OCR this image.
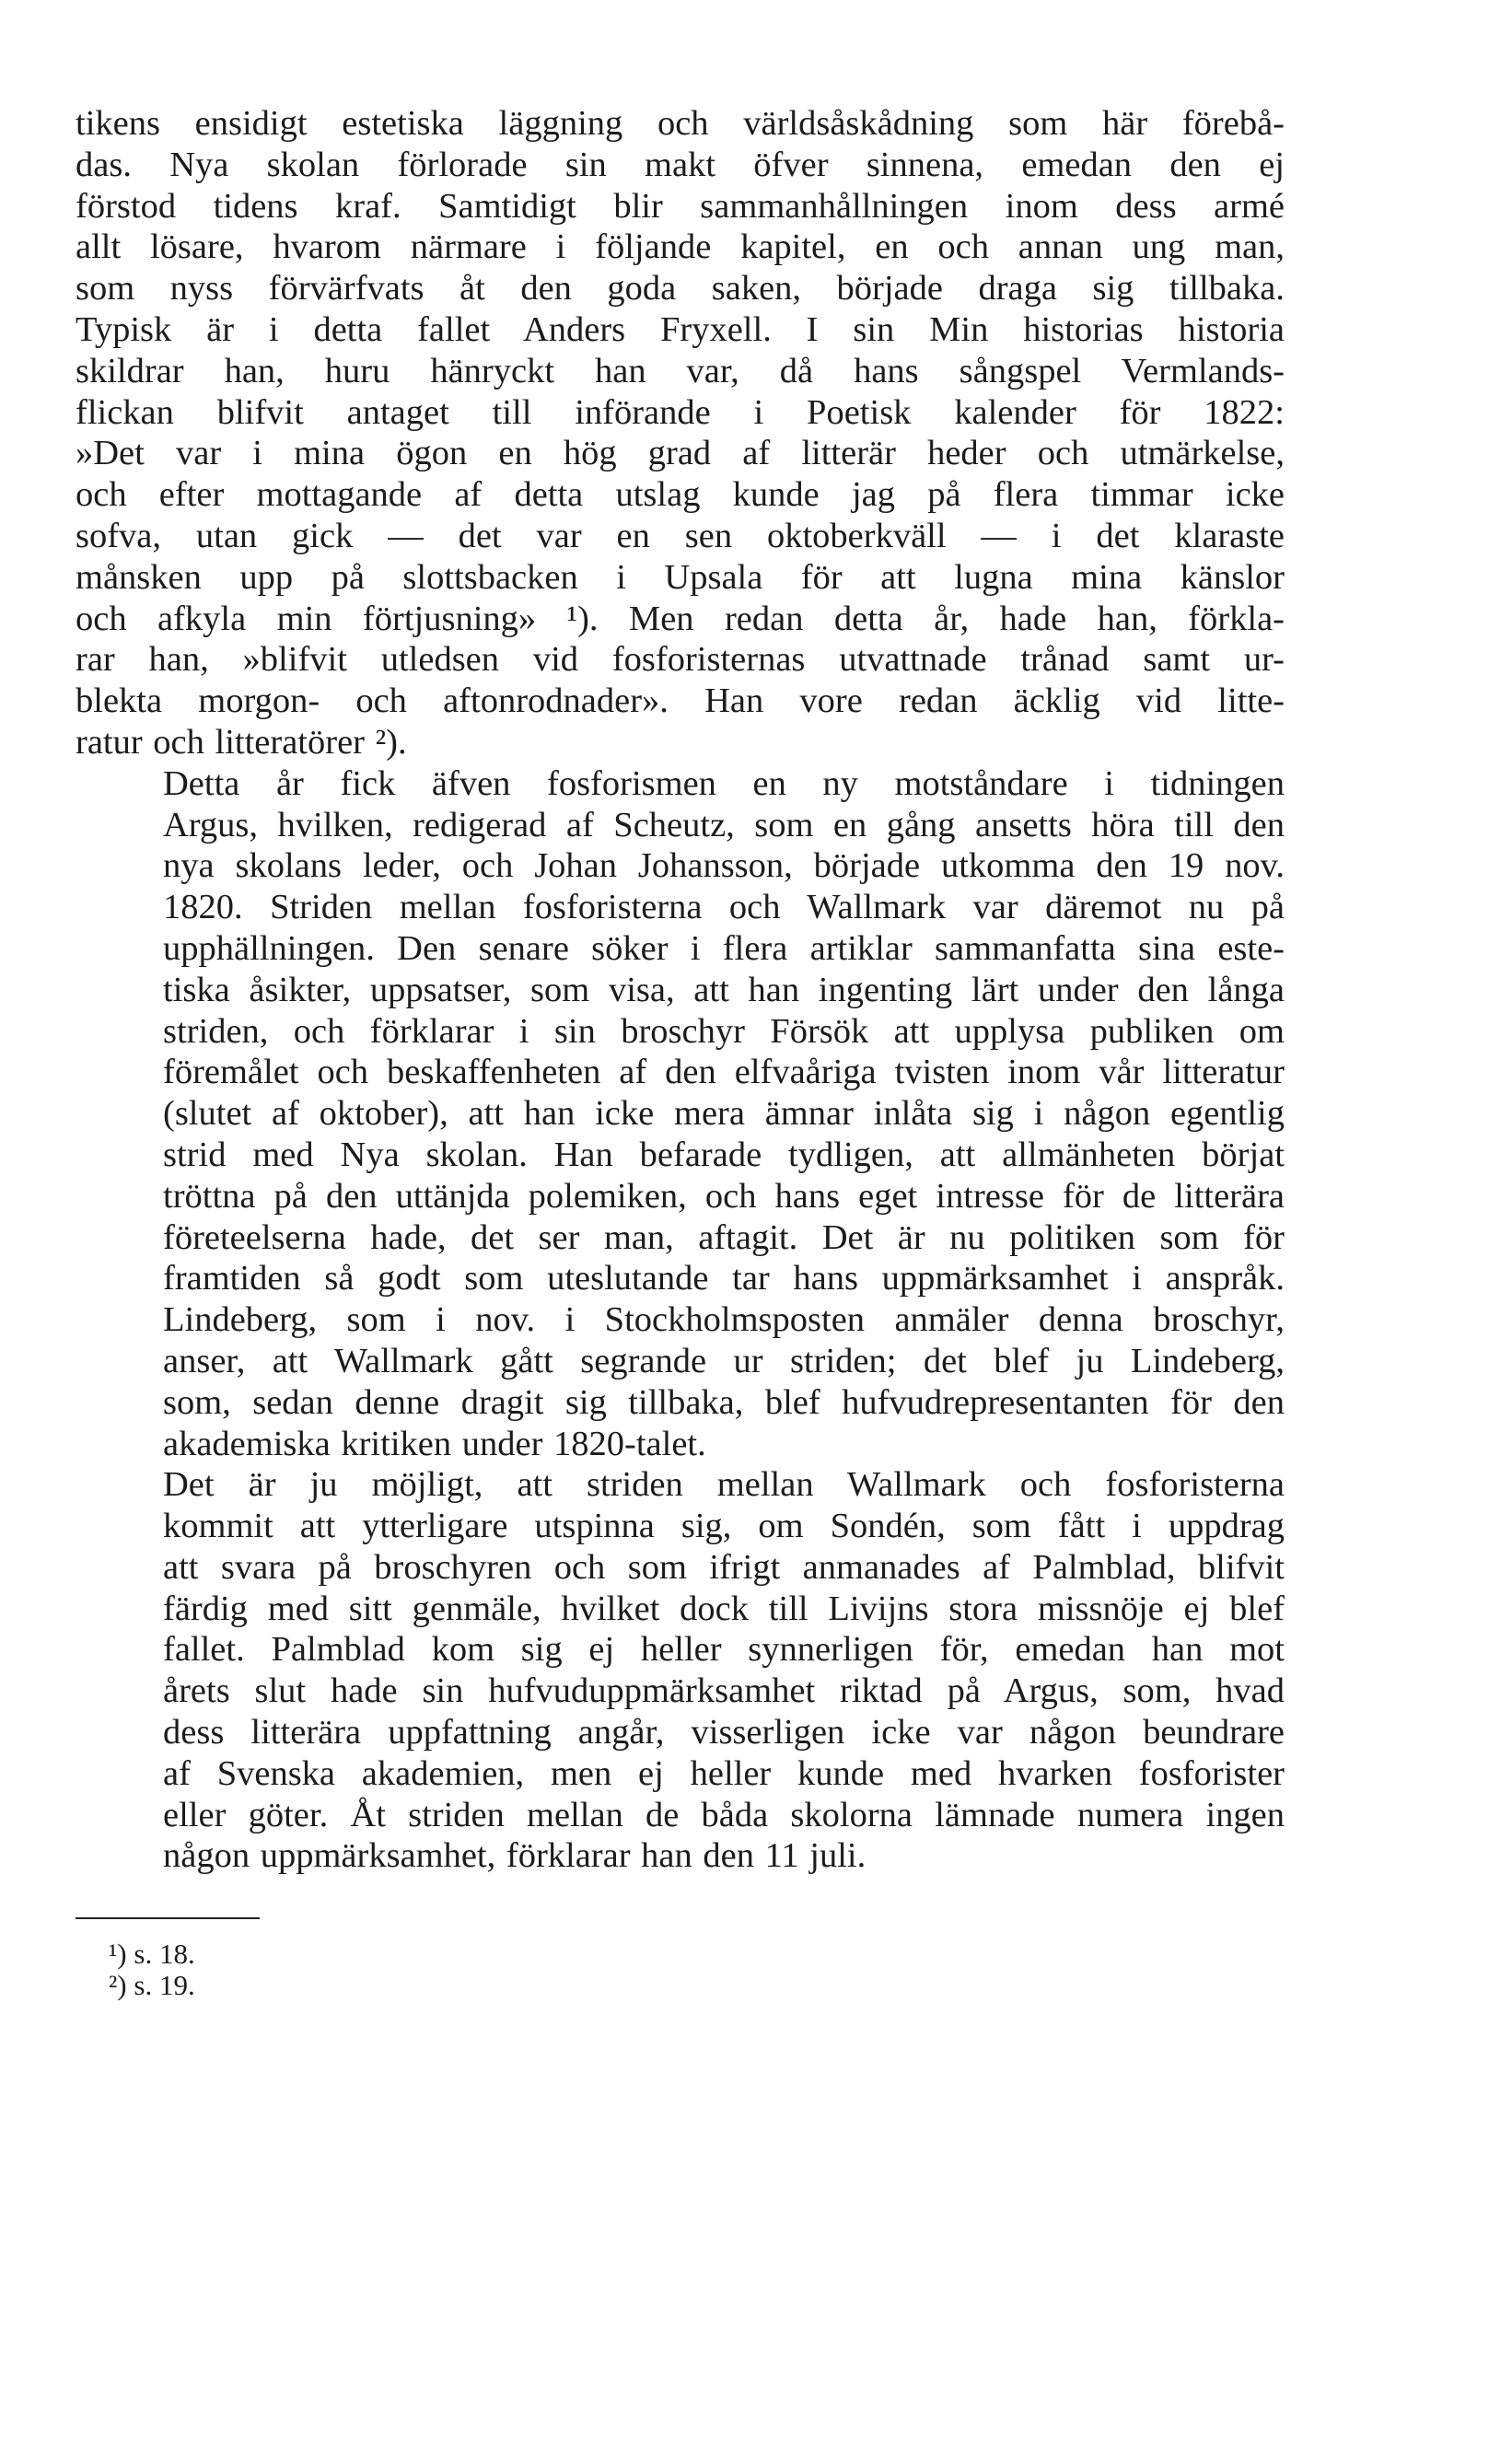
tikens ensidigt estetiska läggning och världsåskådning som här förebå-
das. Nya skolan förlorade sin makt öfver sinnena, emedan den ej
förstod tidens kraf. Samtidigt blir sammanhållningen inom dess armé
allt lösare, hvarom närmare i följande kapitel, en och annan ung man,
som nyss förvärfvats åt den goda saken, började draga sig tillbaka.
Typisk är i detta fallet Anders Fryxell. I sin Min historias historia
skildrar han, huru hänryckt han var, då hans sångspel Vermlands-
flickan blifvit antaget till införande i Poetisk kalender för 1822:
»Det var i mina ögon en hög grad af litterär heder och utmärkelse,
och efter mottagande af detta utslag kunde jag på flera timmar icke
sofva, utan gick — det var en sen oktoberkväll — i det klaraste
månsken upp på slottsbacken i Upsala för att lugna mina känslor
och afkyla min förtjusning» ¹). Men redan detta år, hade han, förkla-
rar han, »blifvit utledsen vid fosforisternas utvattnade trånad samt ur-
blekta morgon- och aftonrodnader». Han vore redan äcklig vid litte-
ratur och litteratörer ²).

Detta år fick äfven fosforismen en ny motståndare i tidningen
Argus, hvilken, redigerad af Scheutz, som en gång ansetts höra till den
nya skolans leder, och Johan Johansson, började utkomma den 19 nov.
1820. Striden mellan fosforisterna och Wallmark var däremot nu på
upphällningen. Den senare söker i flera artiklar sammanfatta sina este-
tiska åsikter, uppsatser, som visa, att han ingenting lärt under den långa
striden, och förklarar i sin broschyr Försök att upplysa publiken om
föremålet och beskaffenheten af den elfvaåriga tvisten inom vår litteratur
(slutet af oktober), att han icke mera ämnar inlåta sig i någon egentlig
strid med Nya skolan. Han befarade tydligen, att allmänheten börjat
tröttna på den uttänjda polemiken, och hans eget intresse för de litterära
företeelserna hade, det ser man, aftagit. Det är nu politiken som för
framtiden så godt som uteslutande tar hans uppmärksamhet i anspråk.
Lindeberg, som i nov. i Stockholmsposten anmäler denna broschyr,
anser, att Wallmark gått segrande ur striden; det blef ju Lindeberg,
som, sedan denne dragit sig tillbaka, blef hufvudrepresentanten för den
akademiska kritiken under 1820-talet.

Det är ju möjligt, att striden mellan Wallmark och fosforisterna
kommit att ytterligare utspinna sig, om Sondén, som fått i uppdrag
att svara på broschyren och som ifrigt anmanades af Palmblad, blifvit
färdig med sitt genmäle, hvilket dock till Livijns stora missnöje ej blef
fallet. Palmblad kom sig ej heller synnerligen för, emedan han mot
årets slut hade sin hufvuduppmärksamhet riktad på Argus, som, hvad
dess litterära uppfattning angår, visserligen icke var någon beundrare
af Svenska akademien, men ej heller kunde med hvarken fosforister
eller göter. Åt striden mellan de båda skolorna lämnade numera ingen
någon uppmärksamhet, förklarar han den 11 juli.

¹) s. 18.
²) s. 19.
